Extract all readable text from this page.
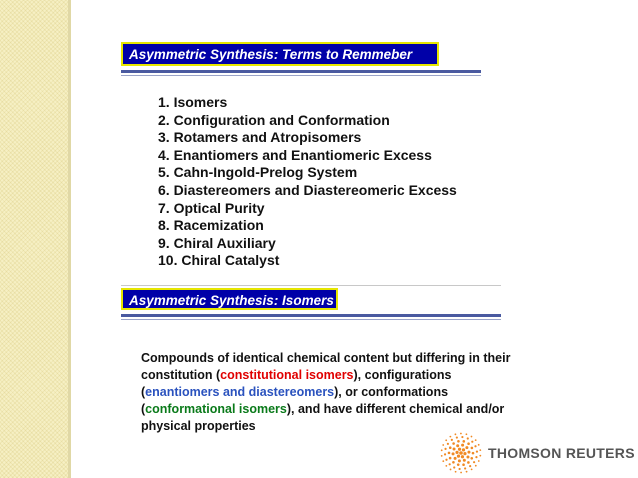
Asymmetric Synthesis: Terms to Remmeber
1. Isomers
2. Configuration and Conformation
3. Rotamers and Atropisomers
4. Enantiomers and Enantiomeric Excess
5. Cahn-Ingold-Prelog System
6. Diastereomers and Diastereomeric Excess
7. Optical Purity
8. Racemization
9. Chiral Auxiliary
10. Chiral Catalyst
Asymmetric Synthesis: Isomers
Compounds of identical chemical content but differing in their constitution (constitutional isomers), configurations (enantiomers and diastereomers), or conformations (conformational isomers), and have different chemical and/or physical properties
THOMSON REUTERS
